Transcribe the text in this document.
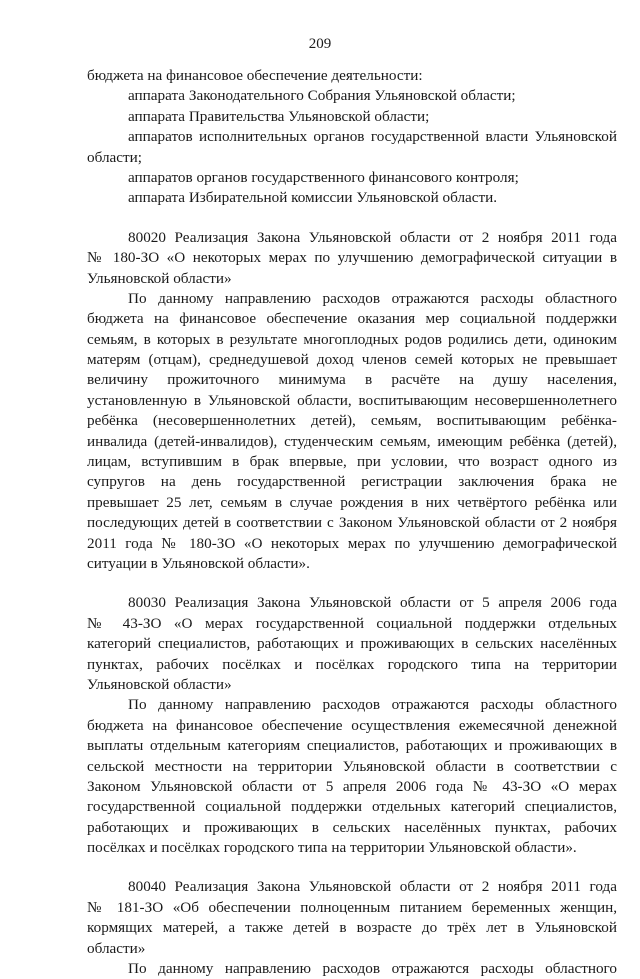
209
бюджета на финансовое обеспечение деятельности:
аппарата Законодательного Собрания Ульяновской области;
аппарата Правительства Ульяновской области;
аппаратов исполнительных органов государственной власти Ульяновской
области;
аппаратов органов государственного финансового контроля;
аппарата Избирательной комиссии Ульяновской области.
80020 Реализация Закона Ульяновской области от 2 ноября 2011 года
№ 180-ЗО «О некоторых мерах по улучшению демографической ситуации в
Ульяновской области»
По данному направлению расходов отражаются расходы областного
бюджета на финансовое обеспечение оказания мер социальной поддержки
семьям, в которых в результате многоплодных родов родились дети, одиноким
матерям (отцам), среднедушевой доход членов семей которых не превышает
величину прожиточного минимума в расчёте на душу населения,
установленную в Ульяновской области, воспитывающим несовершеннолетнего
ребёнка (несовершеннолетних детей), семьям, воспитывающим ребёнка-
инвалида (детей-инвалидов), студенческим семьям, имеющим ребёнка (детей),
лицам, вступившим в брак впервые, при условии, что возраст одного из
супругов на день государственной регистрации заключения брака не
превышает 25 лет, семьям в случае рождения в них четвёртого ребёнка или
последующих детей в соответствии с Законом Ульяновской области от 2 ноября
2011 года № 180-ЗО «О некоторых мерах по улучшению демографической
ситуации в Ульяновской области».
80030 Реализация Закона Ульяновской области от 5 апреля 2006 года
№ 43-ЗО «О мерах государственной социальной поддержки отдельных
категорий специалистов, работающих и проживающих в сельских населённых
пунктах, рабочих посёлках и посёлках городского типа на территории
Ульяновской области»
По данному направлению расходов отражаются расходы областного
бюджета на финансовое обеспечение осуществления ежемесячной денежной
выплаты отдельным категориям специалистов, работающих и проживающих в
сельской местности на территории Ульяновской области в соответствии с
Законом Ульяновской области от 5 апреля 2006 года № 43-ЗО «О мерах
государственной социальной поддержки отдельных категорий специалистов,
работающих и проживающих в сельских населённых пунктах, рабочих
посёлках и посёлках городского типа на территории Ульяновской области».
80040 Реализация Закона Ульяновской области от 2 ноября 2011 года
№ 181-ЗО «Об обеспечении полноценным питанием беременных женщин,
кормящих матерей, а также детей в возрасте до трёх лет в Ульяновской
области»
По данному направлению расходов отражаются расходы областного
